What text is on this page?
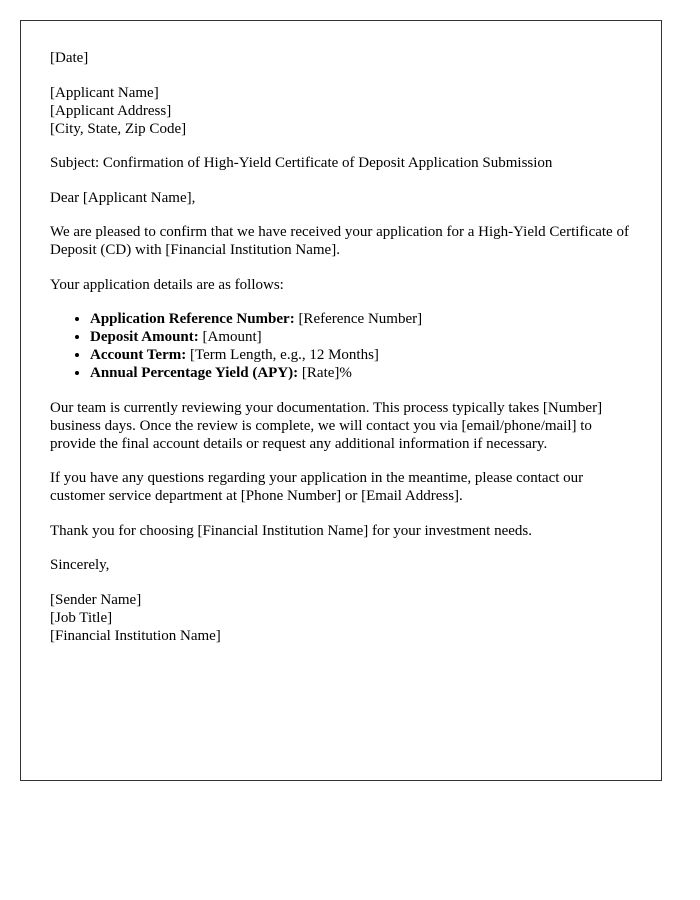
[Date]

[Applicant Name]
[Applicant Address]
[City, State, Zip Code]

Subject: Confirmation of High-Yield Certificate of Deposit Application Submission

Dear [Applicant Name],

We are pleased to confirm that we have received your application for a High-Yield Certificate of Deposit (CD) with [Financial Institution Name].

Your application details are as follows:

• Application Reference Number: [Reference Number]
• Deposit Amount: [Amount]
• Account Term: [Term Length, e.g., 12 Months]
• Annual Percentage Yield (APY): [Rate]%

Our team is currently reviewing your documentation. This process typically takes [Number] business days. Once the review is complete, we will contact you via [email/phone/mail] to provide the final account details or request any additional information if necessary.

If you have any questions regarding your application in the meantime, please contact our customer service department at [Phone Number] or [Email Address].

Thank you for choosing [Financial Institution Name] for your investment needs.

Sincerely,

[Sender Name]
[Job Title]
[Financial Institution Name]
